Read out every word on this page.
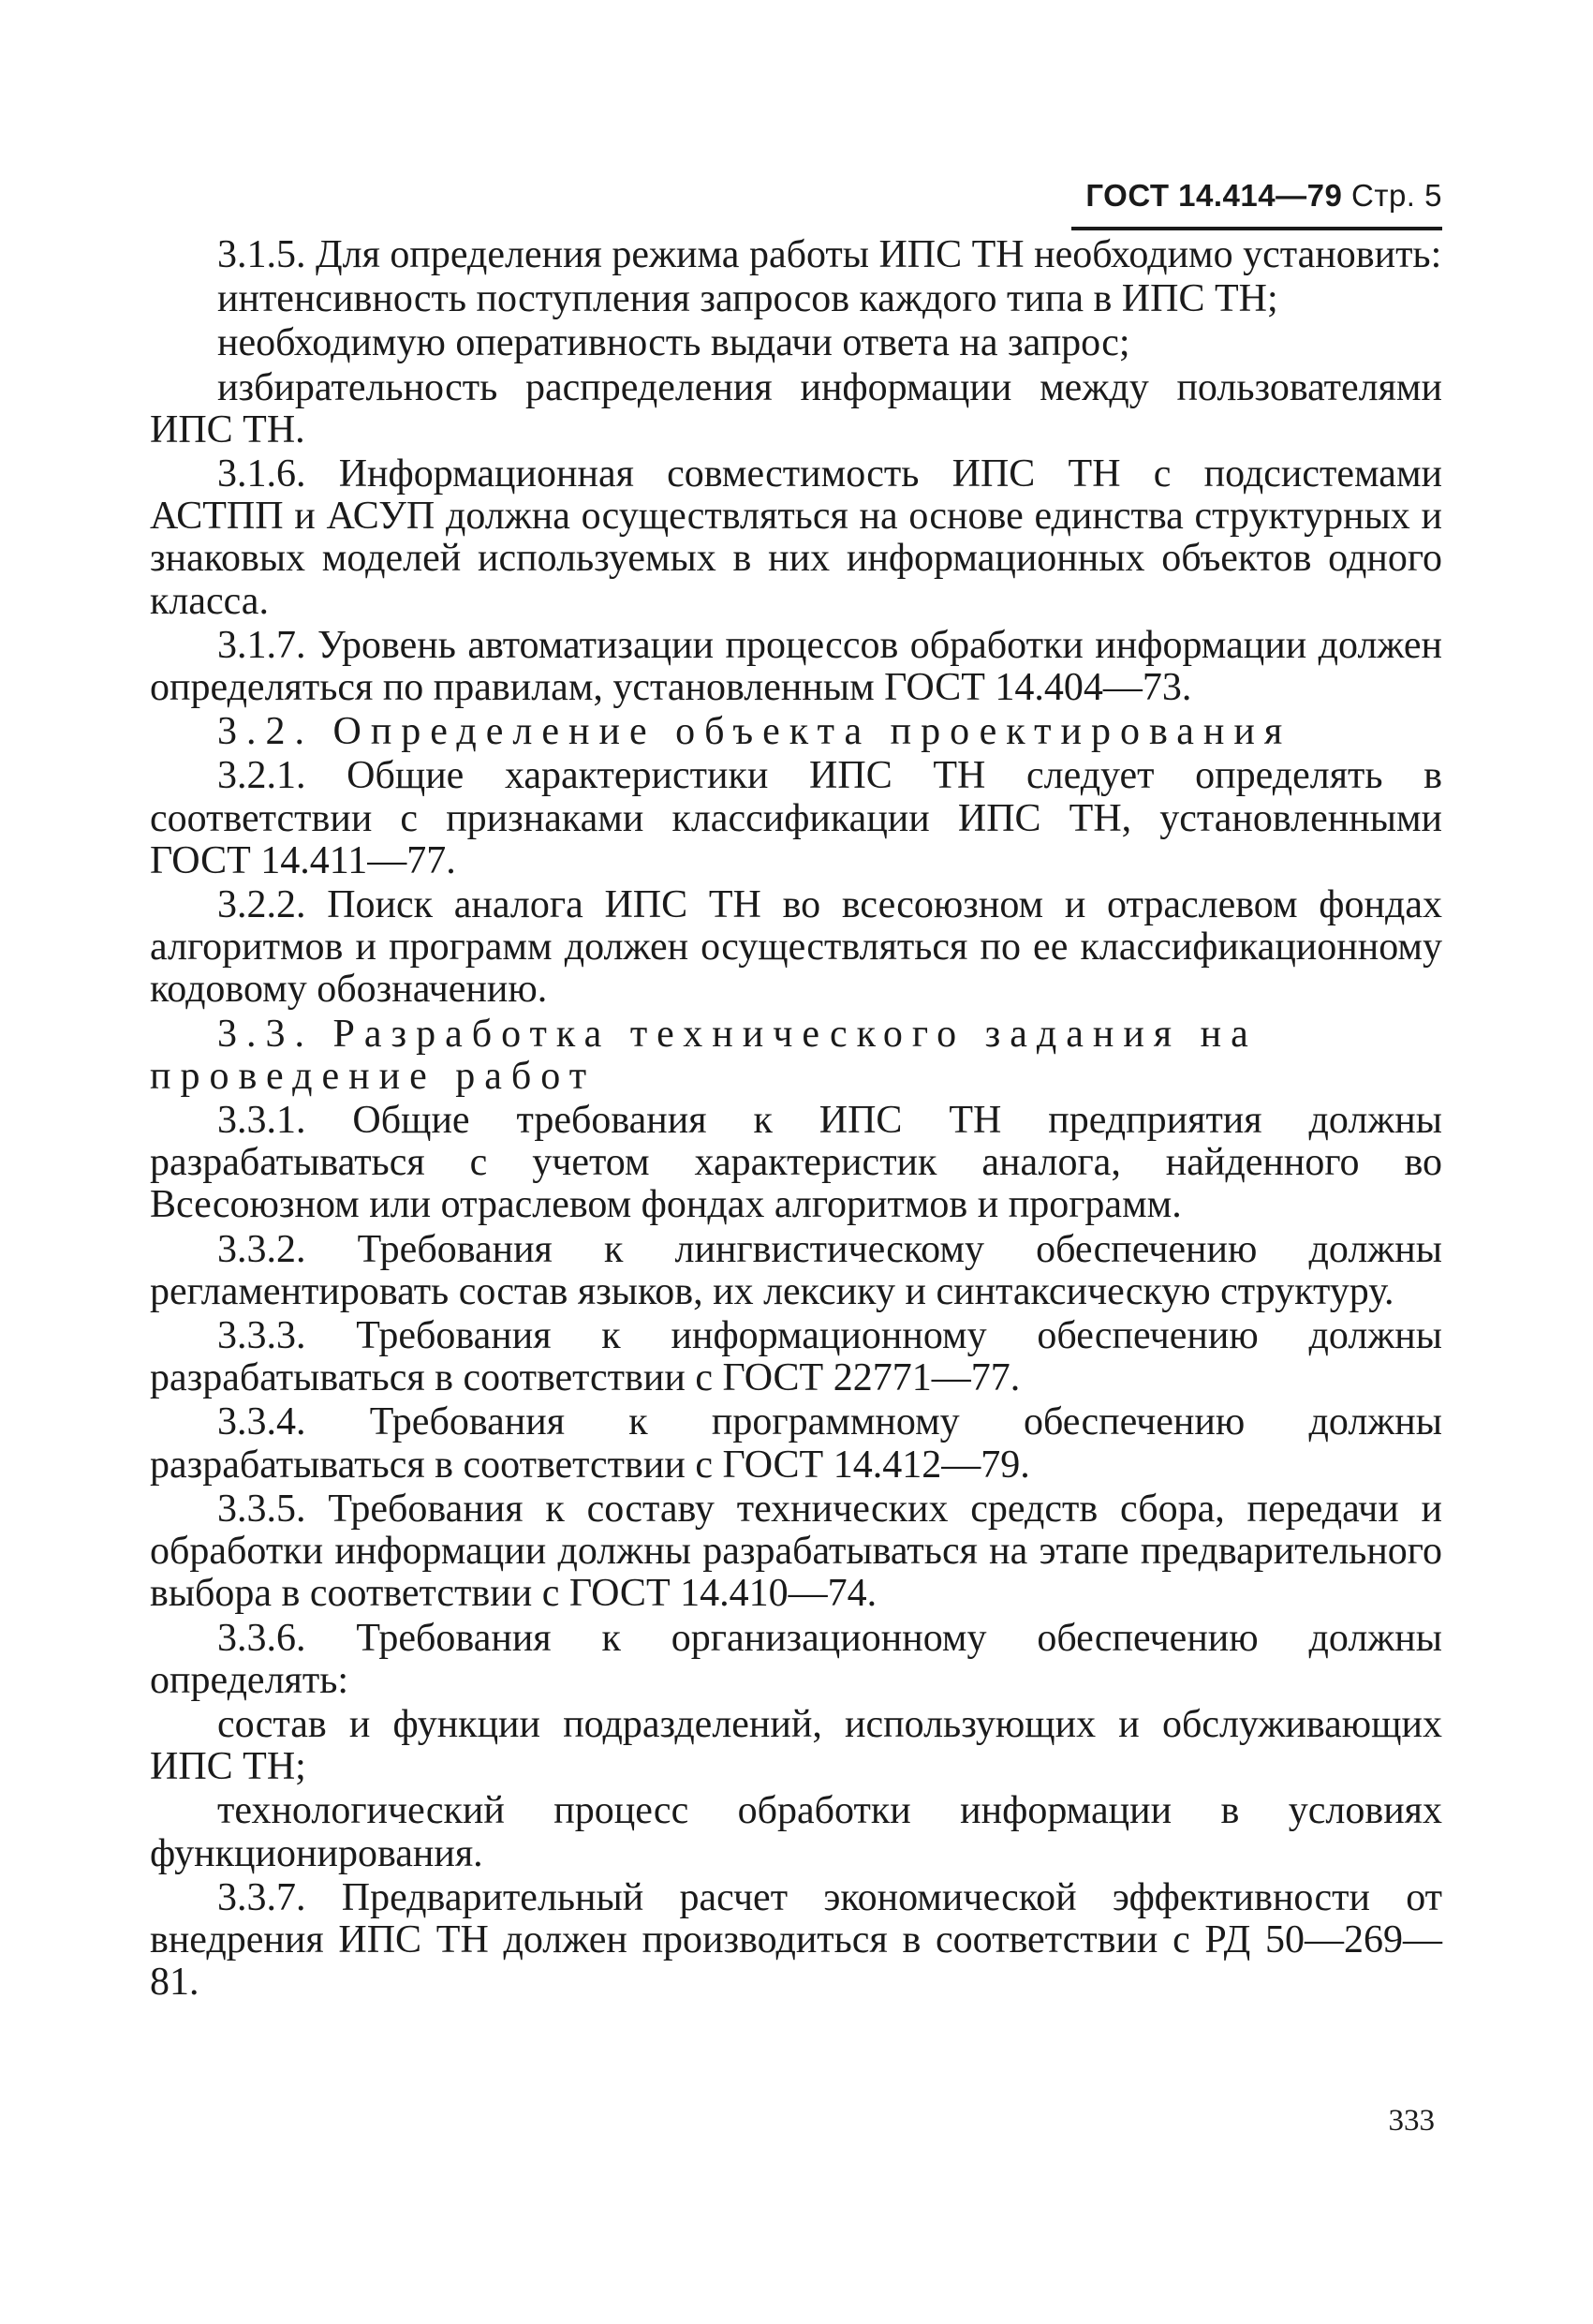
ГОСТ 14.414—79 Стр. 5

3.1.5. Для определения режима работы ИПС ТН необходимо установить:

интенсивность поступления запросов каждого типа в ИПС ТН;

необходимую оперативность выдачи ответа на запрос;

избирательность распределения информации между пользователями ИПС ТН.

3.1.6. Информационная совместимость ИПС ТН с подсистемами АСТПП и АСУП должна осуществляться на основе единства структурных и знаковых моделей используемых в них информационных объектов одного класса.

3.1.7. Уровень автоматизации процессов обработки информации должен определяться по правилам, установленным ГОСТ 14.404—73.

3.2. Определение объекта проектирования

3.2.1. Общие характеристики ИПС ТН следует определять в соответствии с признаками классификации ИПС ТН, установленными ГОСТ 14.411—77.

3.2.2. Поиск аналога ИПС ТН во всесоюзном и отраслевом фондах алгоритмов и программ должен осуществляться по ее классификационному кодовому обозначению.

3.3. Разработка технического задания на проведение работ

3.3.1. Общие требования к ИПС ТН предприятия должны разрабатываться с учетом характеристик аналога, найденного во Всесоюзном или отраслевом фондах алгоритмов и программ.

3.3.2. Требования к лингвистическому обеспечению должны регламентировать состав языков, их лексику и синтаксическую структуру.

3.3.3. Требования к информационному обеспечению должны разрабатываться в соответствии с ГОСТ 22771—77.

3.3.4. Требования к программному обеспечению должны разрабатываться в соответствии с ГОСТ 14.412—79.

3.3.5. Требования к составу технических средств сбора, передачи и обработки информации должны разрабатываться на этапе предварительного выбора в соответствии с ГОСТ 14.410—74.

3.3.6. Требования к организационному обеспечению должны определять:

состав и функции подразделений, использующих и обслуживающих ИПС ТН;

технологический процесс обработки информации в условиях функционирования.

3.3.7. Предварительный расчет экономической эффективности от внедрения ИПС ТН должен производиться в соответствии с РД 50—269—81.

333
